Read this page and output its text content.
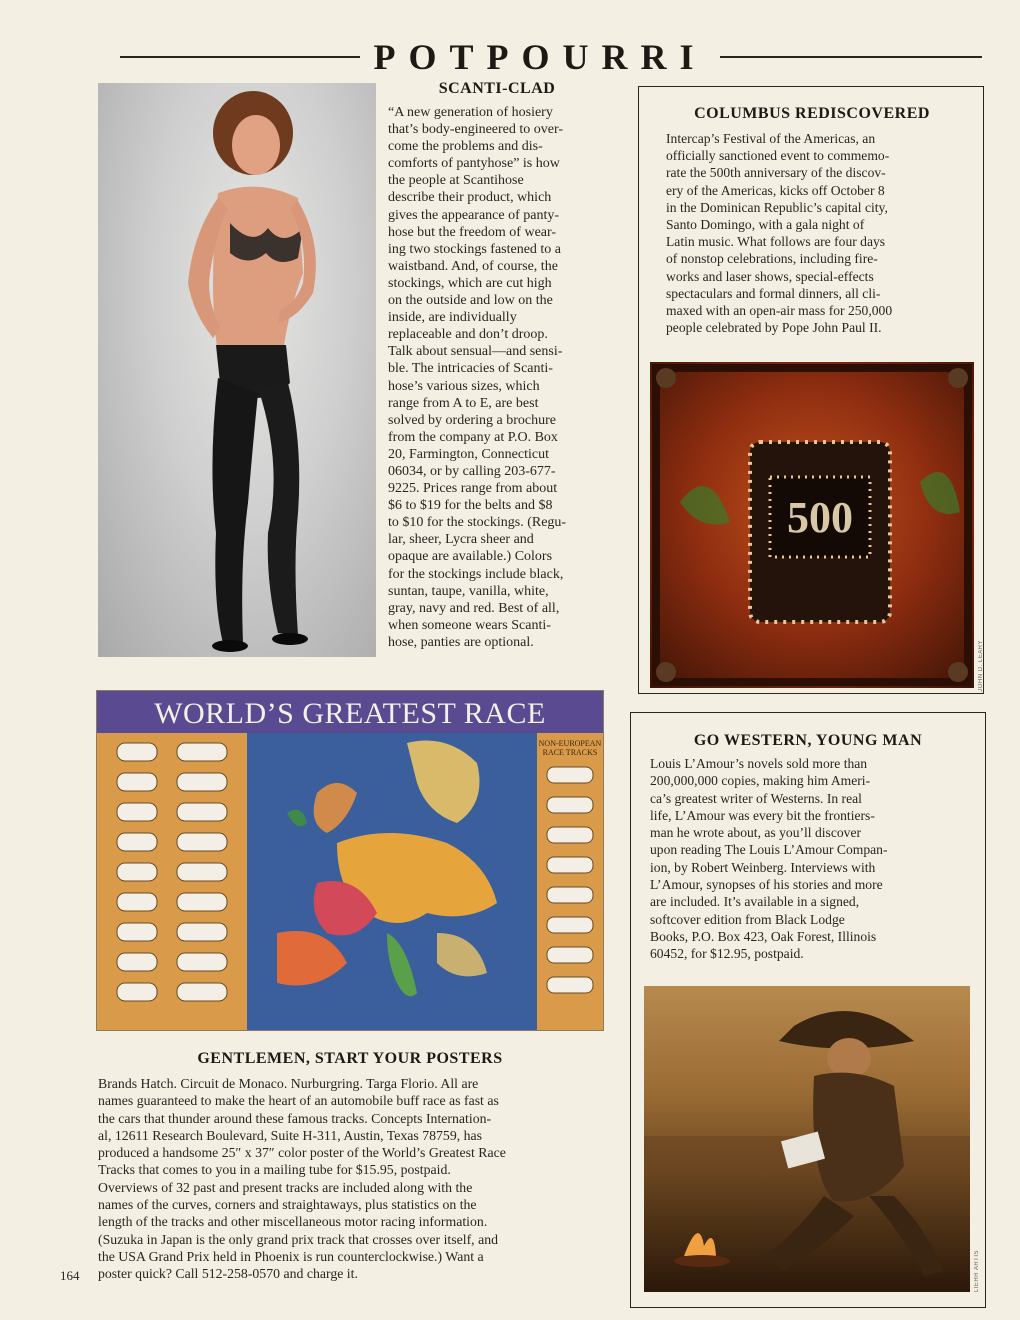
POTPOURRI
SCANTI-CLAD

“A new generation of hosiery

that’s body-engineered to over-

come the problems and dis-

comforts of pantyhose” is how

the people at Scantihose

describe their product, which

gives the appearance of panty-

hose but the freedom of wear-

ing two stockings fastened to a

waistband. And, of course, the

stockings, which are cut high

on the outside and low on the

inside, are individually

replaceable and don’t droop.

Talk about sensual—and sensi-

ble. The intricacies of Scanti-

hose’s various sizes, which

range from A to E, are best

solved by ordering a brochure

from the company at P.O. Box

20, Farmington, Connecticut

06034, or by calling 203-677-

9225. Prices range from about

$6 to $19 for the belts and $8

to $10 for the stockings. (Regu-

lar, sheer, Lycra sheer and

opaque are available.) Colors

for the stockings include black,

suntan, taupe, vanilla, white,

gray, navy and red. Best of all,

when someone wears Scanti-

hose, panties are optional.

COLUMBUS REDISCOVERED

Intercap’s Festival of the Americas, an

officially sanctioned event to commemo-

rate the 500th anniversary of the discov-

ery of the Americas, kicks off October 8

in the Dominican Republic’s capital city,

Santo Domingo, with a gala night of

Latin music. What follows are four days

of nonstop celebrations, including fire-

works and laser shows, special-effects

spectaculars and formal dinners, all cli-

maxed with an open-air mass for 250,000

people celebrated by Pope John Paul II.

500
JOHN D. LEARY
WORLD’S GREATEST RACE
NON-EUROPEAN
RACE TRACKS
GO WESTERN, YOUNG MAN

Louis L’Amour’s novels sold more than

200,000,000 copies, making him Ameri-

ca’s greatest writer of Westerns. In real

life, L’Amour was every bit the frontiers-

man he wrote about, as you’ll discover

upon reading The Louis L’Amour Compan-

ion, by Robert Weinberg. Interviews with

L’Amour, synopses of his stories and more

are included. It’s available in a signed,

softcover edition from Black Lodge

Books, P.O. Box 423, Oak Forest, Illinois

60452, for $12.95, postpaid.

LIEHR ARTIS
GENTLEMEN, START YOUR POSTERS

Brands Hatch. Circuit de Monaco. Nurburgring. Targa Florio. All are

names guaranteed to make the heart of an automobile buff race as fast as

the cars that thunder around these famous tracks. Concepts Internation-

al, 12611 Research Boulevard, Suite H-311, Austin, Texas 78759, has

produced a handsome 25″ x 37″ color poster of the World’s Greatest Race

Tracks that comes to you in a mailing tube for $15.95, postpaid.

Overviews of 32 past and present tracks are included along with the

names of the curves, corners and straightaways, plus statistics on the

length of the tracks and other miscellaneous motor racing information.

(Suzuka in Japan is the only grand prix track that crosses over itself, and

the USA Grand Prix held in Phoenix is run counterclockwise.) Want a

poster quick? Call 512-258-0570 and charge it.

164
